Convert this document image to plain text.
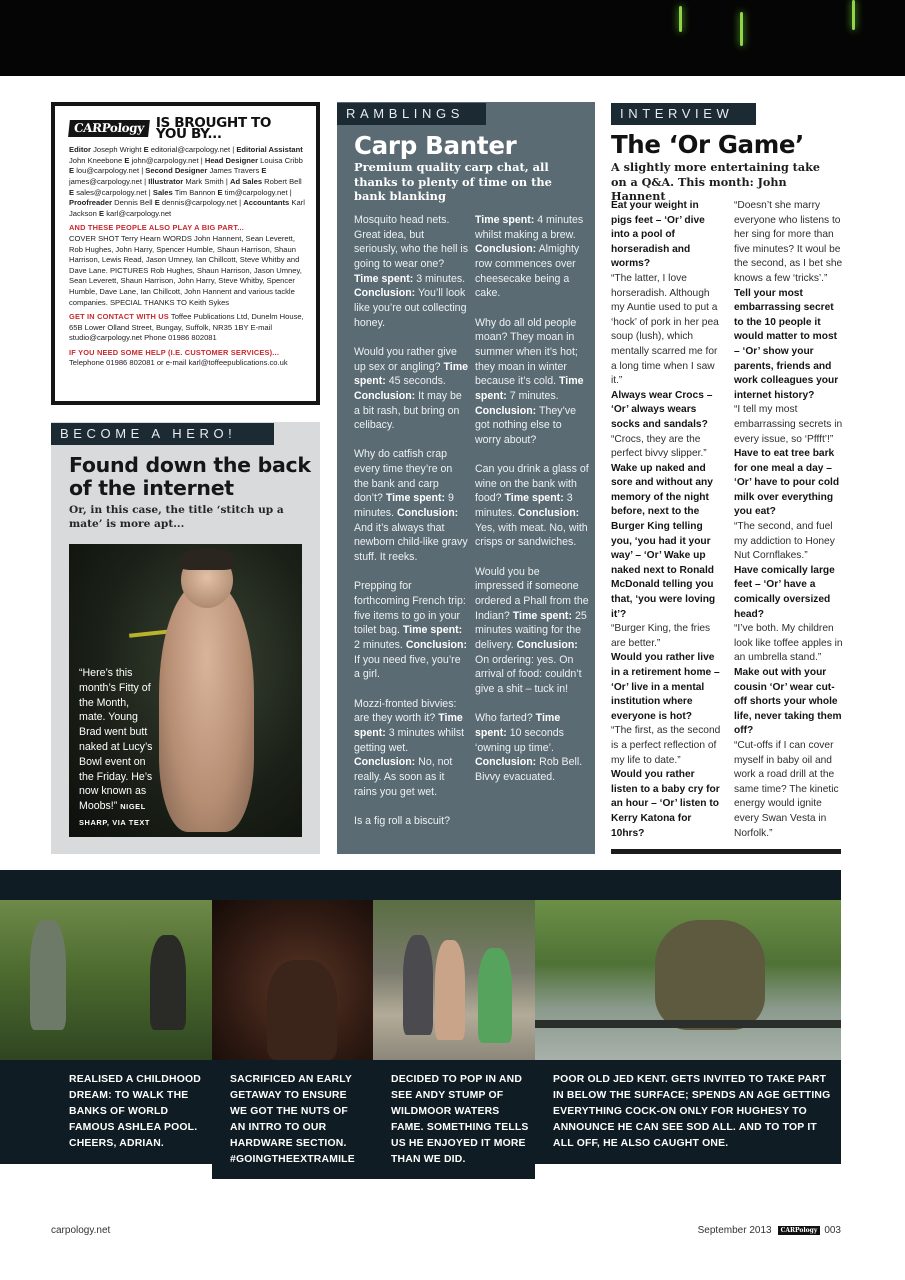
CARPology IS BROUGHT TO YOU BY...

Editor Joseph Wright E editorial@carpology.net | Editorial Assistant John Kneebone E john@carpology.net | Head Designer Louisa Cribb E lou@carpology.net | Second Designer James Travers E james@carpology.net | Illustrator Mark Smith | Ad Sales Robert Bell E sales@carpology.net | Sales Tim Bannon E tim@carpology.net | Proofreader Dennis Bell E dennis@carpology.net | Accountants Karl Jackson E karl@carpology.net

AND THESE PEOPLE ALSO PLAY A BIG PART...
COVER SHOT Terry Hearn WORDS John Hannent, Sean Leverett, Rob Hughes, John Harry, Spencer Humble, Shaun Harrison, Shaun Harrison, Lewis Read, Jason Umney, Ian Chillcott, Steve Whitby and Dave Lane. PICTURES Rob Hughes, Shaun Harrison, Jason Umney, Sean Leverett, Shaun Harrison, John Harry, Steve Whitby, Spencer Humble, Dave Lane, Ian Chillcott, John Hannent and various tackle companies. SPECIAL THANKS TO Keith Sykes

GET IN CONTACT WITH US Toffee Publications Ltd, Dunelm House, 65B Lower Olland Street, Bungay, Suffolk, NR35 1BY E-mail studio@carpology.net Phone 01986 802081

IF YOU NEED SOME HELP (I.E. CUSTOMER SERVICES)... Telephone 01986 802081 or e-mail karl@toffeepublications.co.uk

BECOME A HERO!
Found down the back of the internet
Or, in this case, the title ‘stitch up a mate’ is more apt...
“Here’s this month’s Fitty of the Month, mate. Young Brad went butt naked at Lucy’s Bowl event on the Friday. He’s now known as Moobs!” NIGEL SHARP, VIA TEXT
RAMBLINGS
Carp Banter
Premium quality carp chat, all thanks to plenty of time on the bank blanking

Mosquito head nets. Great idea, but seriously, who the hell is going to wear one? Time spent: 3 minutes. Conclusion: You’ll look like you’re out collecting honey.

Would you rather give up sex or angling? Time spent: 45 seconds. Conclusion: It may be a bit rash, but bring on celibacy.

Why do catfish crap every time they’re on the bank and carp don’t? Time spent: 9 minutes. Conclusion: And it’s always that newborn child-like gravy stuff. It reeks.

Prepping for forthcoming French trip: five items to go in your toilet bag. Time spent: 2 minutes. Conclusion: If you need five, you’re a girl.

Mozzi-fronted bivvies: are they worth it? Time spent: 3 minutes whilst getting wet. Conclusion: No, not really. As soon as it rains you get wet.

Is a fig roll a biscuit?

Time spent: 4 minutes whilst making a brew. Conclusion: Almighty row commences over cheesecake being a cake.

Why do all old people moan? They moan in summer when it’s hot; they moan in winter because it’s cold. Time spent: 7 minutes. Conclusion: They’ve got nothing else to worry about?

Can you drink a glass of wine on the bank with food? Time spent: 3 minutes. Conclusion: Yes, with meat. No, with crisps or sandwiches.

Would you be impressed if someone ordered a Phall from the Indian? Time spent: 25 minutes waiting for the delivery. Conclusion: On ordering: yes. On arrival of food: couldn’t give a shit – tuck in!

Who farted? Time spent: 10 seconds ‘owning up time’. Conclusion: Rob Bell. Bivvy evacuated.

INTERVIEW
The ‘Or Game’
A slightly more entertaining take on a Q&A. This month: John Hannent
Eat your weight in pigs feet – ‘Or’ dive into a pool of horseradish and worms?
“The latter, I love horseradish. Although my Auntie used to put a ‘hock’ of pork in her pea soup (lush), which mentally scarred me for a long time when I saw it.”
Always wear Crocs – ‘Or’ always wears socks and sandals?
“Crocs, they are the perfect bivvy slipper.”
Wake up naked and sore and without any memory of the night before, next to the Burger King telling you, ‘you had it your way’ – ‘Or’ Wake up naked next to Ronald McDonald telling you that, ‘you were loving it’?
“Burger King, the fries are better.”
Would you rather live in a retirement home – ‘Or’ live in a mental institution where everyone is hot?
“The first, as the second is a perfect reflection of my life to date.”
Would you rather listen to a baby cry for an hour – ‘Or’ listen to Kerry Katona for 10hrs?
“Doesn’t she marry everyone who listens to her sing for more than five minutes? It woul be the second, as I bet she knows a few ‘tricks’.”
Tell your most embarrassing secret to the 10 people it would matter to most – ‘Or’ show your parents, friends and work colleagues your internet history?
“I tell my most embarrassing secrets in every issue, so ‘Pffft’!”
Have to eat tree bark for one meal a day – ‘Or’ have to pour cold milk over everything you eat?
“The second, and fuel my addiction to Honey Nut Cornflakes.”
Have comically large feet – ‘Or’ have a comically oversized head?
“I’ve both. My children look like toffee apples in an umbrella stand.”
Make out with your cousin ‘Or’ wear cut-off shorts your whole life, never taking them off?
“Cut-offs if I can cover myself in baby oil and work a road drill at the same time? The kinetic energy would ignite every Swan Vesta in Norfolk.”
REALISED A CHILDHOOD DREAM: TO WALK THE BANKS OF WORLD FAMOUS ASHLEA POOL. CHEERS, ADRIAN.
SACRIFICED AN EARLY GETAWAY TO ENSURE WE GOT THE NUTS OF AN INTRO TO OUR HARDWARE SECTION. #GOINGTHEEXTRAMILE
DECIDED TO POP IN AND SEE ANDY STUMP OF WILDMOOR WATERS FAME. SOMETHING TELLS US HE ENJOYED IT MORE THAN WE DID.
POOR OLD JED KENT. GETS INVITED TO TAKE PART IN BELOW THE SURFACE; SPENDS AN AGE GETTING EVERYTHING COCK-ON ONLY FOR HUGHESY TO ANNOUNCE HE CAN SEE SOD ALL. AND TO TOP IT ALL OFF, HE ALSO CAUGHT ONE.
carpology.net	September 2013	CARPology 003
